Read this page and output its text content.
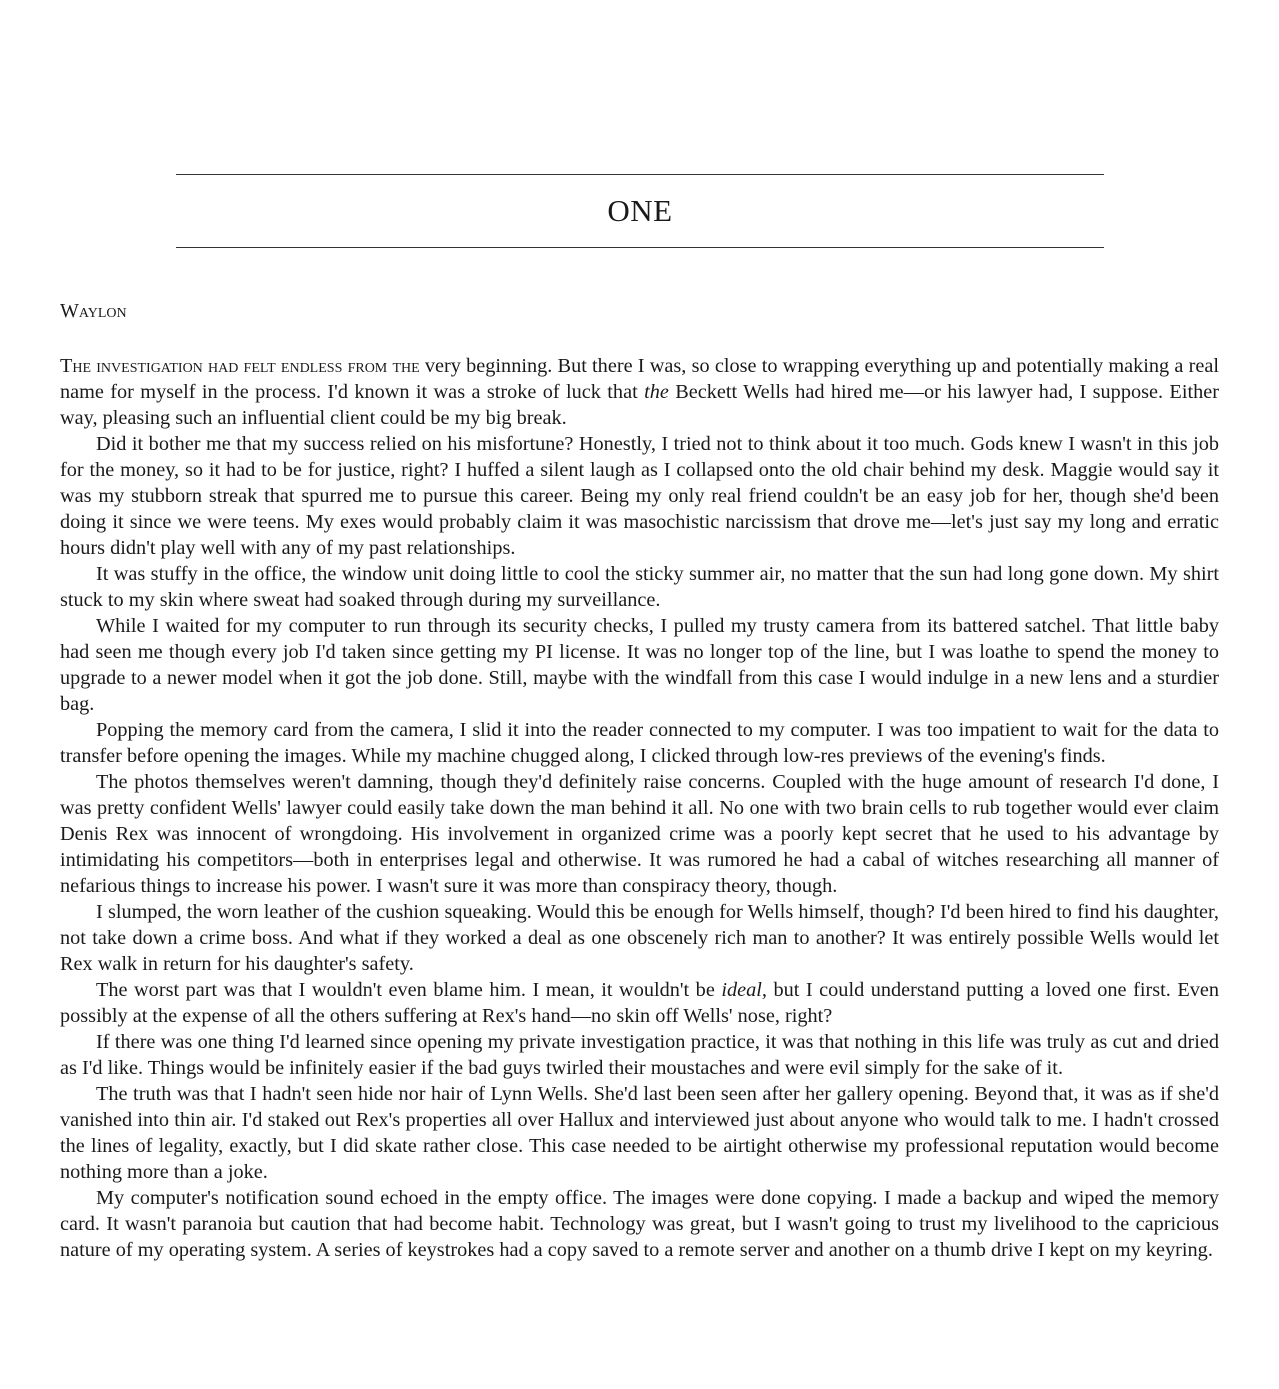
ONE

Waylon

The investigation had felt endless from the very beginning. But there I was, so close to wrapping everything up and potentially making a real name for myself in the process. I'd known it was a stroke of luck that the Beckett Wells had hired me—or his lawyer had, I suppose. Either way, pleasing such an influential client could be my big break.

Did it bother me that my success relied on his misfortune? Honestly, I tried not to think about it too much. Gods knew I wasn't in this job for the money, so it had to be for justice, right? I huffed a silent laugh as I collapsed onto the old chair behind my desk. Maggie would say it was my stubborn streak that spurred me to pursue this career. Being my only real friend couldn't be an easy job for her, though she'd been doing it since we were teens. My exes would probably claim it was masochistic narcissism that drove me—let's just say my long and erratic hours didn't play well with any of my past relationships.

It was stuffy in the office, the window unit doing little to cool the sticky summer air, no matter that the sun had long gone down. My shirt stuck to my skin where sweat had soaked through during my surveillance.

While I waited for my computer to run through its security checks, I pulled my trusty camera from its battered satchel. That little baby had seen me though every job I'd taken since getting my PI license. It was no longer top of the line, but I was loathe to spend the money to upgrade to a newer model when it got the job done. Still, maybe with the windfall from this case I would indulge in a new lens and a sturdier bag.

Popping the memory card from the camera, I slid it into the reader connected to my computer. I was too impatient to wait for the data to transfer before opening the images. While my machine chugged along, I clicked through low-res previews of the evening's finds.

The photos themselves weren't damning, though they'd definitely raise concerns. Coupled with the huge amount of research I'd done, I was pretty confident Wells' lawyer could easily take down the man behind it all. No one with two brain cells to rub together would ever claim Denis Rex was innocent of wrongdoing. His involvement in organized crime was a poorly kept secret that he used to his advantage by intimidating his competitors—both in enterprises legal and otherwise. It was rumored he had a cabal of witches researching all manner of nefarious things to increase his power. I wasn't sure it was more than conspiracy theory, though.

I slumped, the worn leather of the cushion squeaking. Would this be enough for Wells himself, though? I'd been hired to find his daughter, not take down a crime boss. And what if they worked a deal as one obscenely rich man to another? It was entirely possible Wells would let Rex walk in return for his daughter's safety.

The worst part was that I wouldn't even blame him. I mean, it wouldn't be ideal, but I could understand putting a loved one first. Even possibly at the expense of all the others suffering at Rex's hand—no skin off Wells' nose, right?

If there was one thing I'd learned since opening my private investigation practice, it was that nothing in this life was truly as cut and dried as I'd like. Things would be infinitely easier if the bad guys twirled their moustaches and were evil simply for the sake of it.

The truth was that I hadn't seen hide nor hair of Lynn Wells. She'd last been seen after her gallery opening. Beyond that, it was as if she'd vanished into thin air. I'd staked out Rex's properties all over Hallux and interviewed just about anyone who would talk to me. I hadn't crossed the lines of legality, exactly, but I did skate rather close. This case needed to be airtight otherwise my professional reputation would become nothing more than a joke.

My computer's notification sound echoed in the empty office. The images were done copying. I made a backup and wiped the memory card. It wasn't paranoia but caution that had become habit. Technology was great, but I wasn't going to trust my livelihood to the capricious nature of my operating system. A series of keystrokes had a copy saved to a remote server and another on a thumb drive I kept on my keyring.
